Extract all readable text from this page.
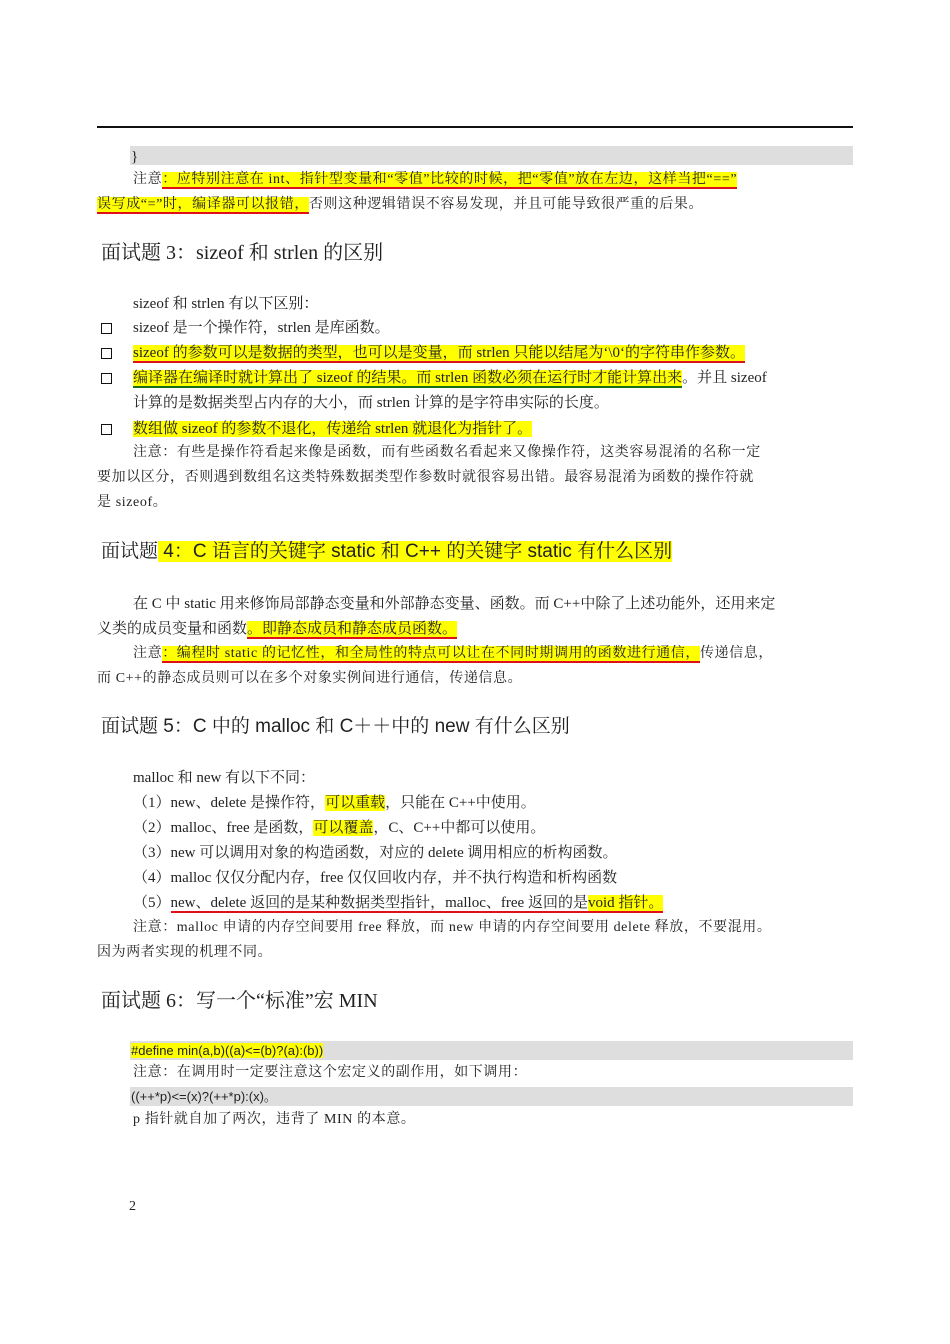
}
注意：应特别注意在 int、指针型变量和“零值”比较的时候，把“零值”放在左边，这样当把“==”
误写成“=”时，编译器可以报错，否则这种逻辑错误不容易发现，并且可能导致很严重的后果。
面试题 3：sizeof 和 strlen 的区别
sizeof 和 strlen 有以下区别：
sizeof 是一个操作符，strlen 是库函数。
sizeof 的参数可以是数据的类型，也可以是变量，而 strlen 只能以结尾为‘\0‘的字符串作参数。
编译器在编译时就计算出了 sizeof 的结果。而 strlen 函数必须在运行时才能计算出来。并且 sizeof
计算的是数据类型占内存的大小，而 strlen 计算的是字符串实际的长度。
数组做 sizeof 的参数不退化，传递给 strlen 就退化为指针了。
注意：有些是操作符看起来像是函数，而有些函数名看起来又像操作符，这类容易混淆的名称一定
要加以区分，否则遇到数组名这类特殊数据类型作参数时就很容易出错。最容易混淆为函数的操作符就
是 sizeof。
面试题 4：C 语言的关键字 static 和 C++ 的关键字 static 有什么区别
在 C 中 static 用来修饰局部静态变量和外部静态变量、函数。而 C++中除了上述功能外，还用来定
义类的成员变量和函数。即静态成员和静态成员函数。
注意：编程时 static 的记忆性，和全局性的特点可以让在不同时期调用的函数进行通信，传递信息，
而 C++的静态成员则可以在多个对象实例间进行通信，传递信息。
面试题 5：C 中的 malloc 和 C＋＋中的 new 有什么区别
malloc 和 new 有以下不同：
（1）new、delete 是操作符，可以重载，只能在 C++中使用。
（2）malloc、free 是函数，可以覆盖，C、C++中都可以使用。
（3）new 可以调用对象的构造函数，对应的 delete 调用相应的析构函数。
（4）malloc 仅仅分配内存，free 仅仅回收内存，并不执行构造和析构函数
（5）new、delete 返回的是某种数据类型指针，malloc、free 返回的是void 指针。
注意：malloc 申请的内存空间要用 free 释放，而 new 申请的内存空间要用 delete 释放，不要混用。
因为两者实现的机理不同。
面试题 6：写一个“标准”宏 MIN
#define min(a,b)((a)<=(b)?(a):(b))
注意：在调用时一定要注意这个宏定义的副作用，如下调用：
((++*p)<=(x)?(++*p):(x)。
p 指针就自加了两次，违背了 MIN 的本意。
2
